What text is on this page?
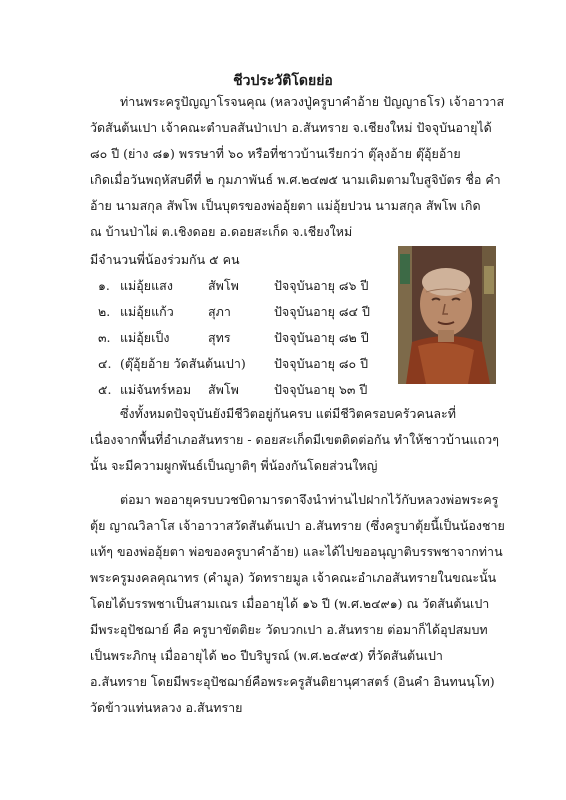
ชีวประวัติโดยย่อ
ท่านพระครูปัญญาโรจนคุณ (หลวงปู่ครูบาคำอ้าย ปัญญาธโร) เจ้าอาวาส
วัดสันต้นเปา เจ้าคณะตำบลสันป่าเปา อ.สันทราย จ.เชียงใหม่ ปัจจุบันอายุได้
๘๐ ปี (ย่าง ๘๑) พรรษาที่ ๖๐ หรือที่ชาวบ้านเรียกว่า ตุ๊ลุงอ้าย ตุ๊อุ้ยอ้าย
เกิดเมื่อวันพฤหัสบดีที่ ๒ กุมภาพันธ์ พ.ศ.๒๔๗๕ นามเดิมตามใบสูจิบัตร ชื่อ คำ
อ้าย นามสกุล สัพโพ เป็นบุตรของพ่ออุ้ยตา แม่อุ้ยปวน นามสกุล สัพโพ เกิด
ณ บ้านป่าไผ่ ต.เชิงดอย อ.ดอยสะเก็ด จ.เชียงใหม่
มีจำนวนพี่น้องร่วมกัน ๕ คน
๑. แม่อุ้ยแสง	สัพโพ	ปัจจุบันอายุ ๘๖ ปี
๒. แม่อุ้ยแก้ว	สุภา	ปัจจุบันอายุ ๘๔ ปี
๓. แม่อุ้ยเป็ง	สุทร	ปัจจุบันอายุ ๘๒ ปี
๔. (ตุ๊อุ้ยอ้าย วัดสันต้นเปา) ปัจจุบันอายุ ๘๐ ปี
๕. แม่จันทร์หอม สัพโพ	ปัจจุบันอายุ ๖๓ ปี
ซึ่งทั้งหมดปัจจุบันยังมีชีวิตอยู่กันครบ แต่มีชีวิตครอบครัวคนละที่
เนื่องจากพื้นที่อำเภอสันทราย - ดอยสะเก็ดมีเขตติดต่อกัน ทำให้ชาวบ้านแถวๆ
นั้น จะมีความผูกพันธ์เป็นญาติๆ พี่น้องกันโดยส่วนใหญ่
ต่อมา พออายุครบบวชบิดามารดาจึงนำท่านไปฝากไว้กับหลวงพ่อพระครู
ตุ้ย ญาณวิลาโส เจ้าอาวาสวัดสันต้นเปา อ.สันทราย (ซึ่งครูบาตุ้ยนี้เป็นน้องชาย
แท้ๆ ของพ่ออุ้ยตา พ่อของครูบาคำอ้าย) และได้ไปขออนุญาติบรรพชาจากท่าน
พระครูมงคลคุณาทร (คำมูล) วัดทรายมูล เจ้าคณะอำเภอสันทรายในขณะนั้น
โดยได้บรรพชาเป็นสามเณร เมื่ออายุได้ ๑๖ ปี (พ.ศ.๒๔๙๑) ณ วัดสันต้นเปา
มีพระอุปัชฌาย์ คือ ครูบาขัตติยะ วัดบวกเปา อ.สันทราย ต่อมาก็ได้อุปสมบท
เป็นพระภิกษุ เมื่ออายุได้ ๒๐ ปีบริบูรณ์ (พ.ศ.๒๔๙๕) ที่วัดสันต้นเปา
อ.สันทราย โดยมีพระอุปัชฌาย์คือพระครูสันติยานุศาสตร์ (อินคำ อินทนนฺโท)
วัดข้าวแท่นหลวง อ.สันทราย
